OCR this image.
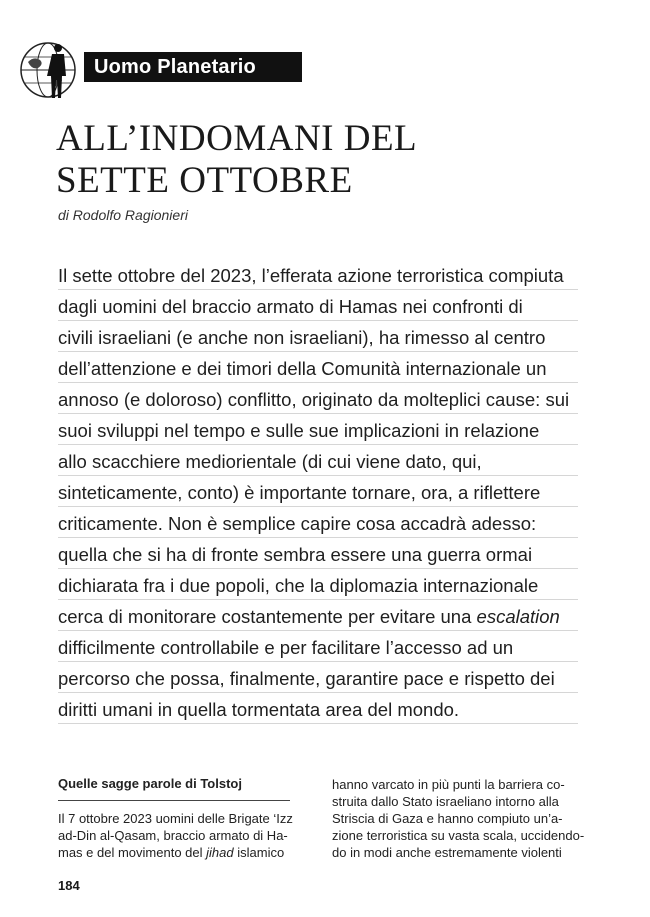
Uomo Planetario
ALL’INDOMANI DEL
SETTE OTTOBRE
di Rodolfo Ragionieri
Il sette ottobre del 2023, l’efferata azione terroristica compiuta
dagli uomini del braccio armato di Hamas nei confronti di
civili israeliani (e anche non israeliani), ha rimesso al centro
dell’attenzione e dei timori della Comunità internazionale un
annoso (e doloroso) conflitto, originato da molteplici cause: sui
suoi sviluppi nel tempo e sulle sue implicazioni in relazione
allo scacchiere mediorientale (di cui viene dato, qui,
sinteticamente, conto) è importante tornare, ora, a riflettere
criticamente. Non è semplice capire cosa accadrà adesso:
quella che si ha di fronte sembra essere una guerra ormai
dichiarata fra i due popoli, che la diplomazia internazionale
cerca di monitorare costantemente per evitare una escalation
difficilmente controllabile e per facilitare l’accesso ad un
percorso che possa, finalmente, garantire pace e rispetto dei
diritti umani in quella tormentata area del mondo.
Quelle sagge parole di Tolstoj
Il 7 ottobre 2023 uomini delle Brigate ‘Izz
ad-Din al-Qasam, braccio armato di Ha-
mas e del movimento del jihad islamico
hanno varcato in più punti la barriera co-
struita dallo Stato israeliano intorno alla
Striscia di Gaza e hanno compiuto un’a-
zione terroristica su vasta scala, uccidendo-
do in modi anche estremamente violenti
184
